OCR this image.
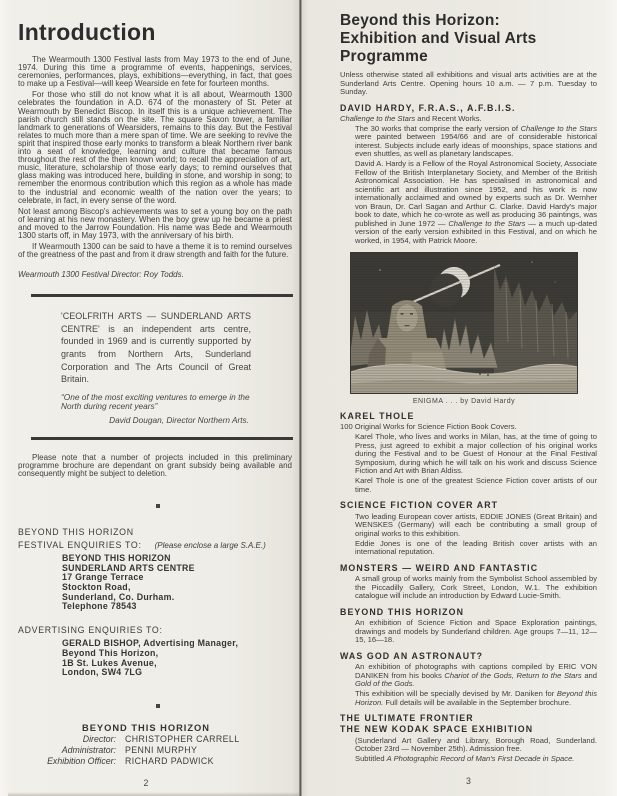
Introduction

The Wearmouth 1300 Festival lasts from May 1973 to the end of June, 1974. During this time a programme of events, happenings, services, ceremonies, performances, plays, exhibitions—everything, in fact, that goes to make up a Festival—will keep Wearside en fete for fourteen months.

For those who still do not know what it is all about, Wearmouth 1300 celebrates the foundation in A.D. 674 of the monastery of St. Peter at Wearmouth by Benedict Biscop. In itself this is a unique achievement. The parish church still stands on the site. The square Saxon tower, a familiar landmark to generations of Wearsiders, remains to this day. But the Festival relates to much more than a mere span of time. We are seeking to revive the spirit that inspired those early monks to transform a bleak Northern river bank into a seat of knowledge, learning and culture that became famous throughout the rest of the then known world; to recall the appreciation of art, music, literature, scholarship of those early days; to remind ourselves that glass making was introduced here, building in stone, and worship in song; to remember the enormous contribution which this region as a whole has made to the industrial and economic wealth of the nation over the years; to celebrate, in fact, in every sense of the word.

Not least among Biscop's achievements was to set a young boy on the path of learning at his new monastery. When the boy grew up he became a priest and moved to the Jarrow Foundation. His name was Bede and Wearmouth 1300 starts off, in May 1973, with the anniversary of his birth.

If Wearmouth 1300 can be said to have a theme it is to remind ourselves of the greatness of the past and from it draw strength and faith for the future.

Wearmouth 1300 Festival Director: Roy Todds.

'CEOLFRITH ARTS — SUNDERLAND ARTS CENTRE' is an independent arts centre, founded in 1969 and is currently supported by grants from Northern Arts, Sunderland Corporation and The Arts Council of Great Britain.

“One of the most exciting ventures to emerge in the North during recent years”

David Dougan, Director Northern Arts.

Please note that a number of projects included in this preliminary programme brochure are dependant on grant subsidy being available and consequently might be subject to deletion.

BEYOND THIS HORIZON
FESTIVAL ENQUIRIES TO: (Please enclose a large S.A.E.)
BEYOND THIS HORIZON
SUNDERLAND ARTS CENTRE
17 Grange Terrace
Stockton Road,
Sunderland, Co. Durham.
Telephone 78543
ADVERTISING ENQUIRIES TO:
GERALD BISHOP, Advertising Manager,
Beyond This Horizon,
1B St. Lukes Avenue,
London, SW4 7LG
BEYOND THIS HORIZON
Director: CHRISTOPHER CARRELL
Administrator: PENNI MURPHY
Exhibition Officer: RICHARD PADWICK
2
Beyond this Horizon:
Exhibition and Visual Arts Programme

Unless otherwise stated all exhibitions and visual arts activities are at the Sunderland Arts Centre. Opening hours 10 a.m. — 7 p.m. Tuesday to Sunday.

DAVID HARDY, F.R.A.S., A.F.B.I.S.

Challenge to the Stars and Recent Works.

The 30 works that comprise the early version of Challenge to the Stars were painted between 1954/66 and are of considerable historical interest. Subjects include early ideas of moonships, space stations and even shuttles, as well as planetary landscapes.

David A. Hardy is a Fellow of the Royal Astronomical Society, Associate Fellow of the British Interplanetary Society, and Member of the British Astronomical Association. He has specialised in astronomical and scientific art and illustration since 1952, and his work is now internationally acclaimed and owned by experts such as Dr. Wernher von Braun, Dr. Carl Sagan and Arthur C. Clarke. David Hardy's major book to date, which he co-wrote as well as producing 36 paintings, was published in June 1972 — Challenge to the Stars — a much up-dated version of the early version exhibited in this Festival, and on which he worked, in 1954, with Patrick Moore.

ENIGMA . . . by David Hardy
KAREL THOLE

100 Original Works for Science Fiction Book Covers.

Karel Thole, who lives and works in Milan, has, at the time of going to Press, just agreed to exhibit a major collection of his original works during the Festival and to be Guest of Honour at the Final Festival Symposium, during which he will talk on his work and discuss Science Fiction and Art with Brian Aldiss.

Karel Thole is one of the greatest Science Fiction cover artists of our time.

SCIENCE FICTION COVER ART

Two leading European cover artists, EDDIE JONES (Great Britain) and WENSKES (Germany) will each be contributing a small group of original works to this exhibition.

Eddie Jones is one of the leading British cover artists with an international reputation.

MONSTERS — WEIRD AND FANTASTIC

A small group of works mainly from the Symbolist School assembled by the Piccadilly Gallery, Cork Street, London, W.1. The exhibition catalogue will include an introduction by Edward Lucie-Smith.

BEYOND THIS HORIZON

An exhibition of Science Fiction and Space Exploration paintings, drawings and models by Sunderland children. Age groups 7—11, 12—15, 16—18.

WAS GOD AN ASTRONAUT?

An exhibition of photographs with captions compiled by ERIC VON DANIKEN from his books Chariot of the Gods, Return to the Stars and Gold of the Gods.

This exhibition will be specially devised by Mr. Daniken for Beyond this Horizon. Full details will be available in the September brochure.

THE ULTIMATE FRONTIER
THE NEW KODAK SPACE EXHIBITION

(Sunderland Art Gallery and Library, Borough Road, Sunderland. October 23rd — November 25th). Admission free.

Subtitled A Photographic Record of Man's First Decade in Space.

3
